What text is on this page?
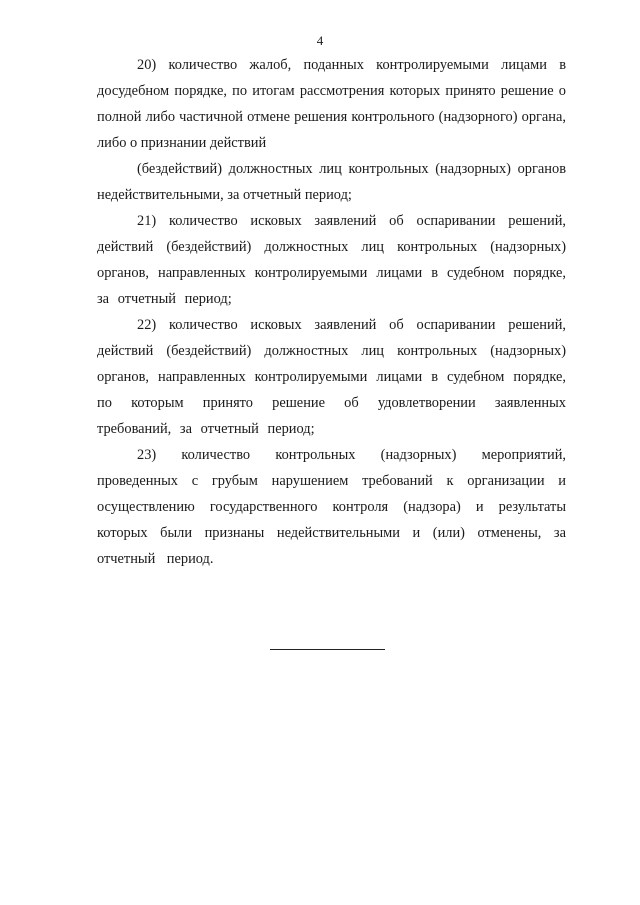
4

20) количество жалоб, поданных контролируемыми лицами в досудебном порядке, по итогам рассмотрения которых принято решение о полной либо частичной отмене решения контрольного (надзорного) органа, либо о признании действий

(бездействий) должностных лиц контрольных (надзорных) органов недействительными, за отчетный период;

21) количество исковых заявлений об оспаривании решений, действий (бездействий) должностных лиц контрольных (надзорных) органов, направленных контролируемыми лицами в судебном порядке, за отчетный период;

22) количество исковых заявлений об оспаривании решений, действий (бездействий) должностных лиц контрольных (надзорных) органов, направленных контролируемыми лицами в судебном порядке, по которым принято решение об удовлетворении заявленных требований, за отчетный период;

23) количество контрольных (надзорных) мероприятий, проведенных с грубым нарушением требований к организации и осуществлению государственного контроля (надзора) и результаты которых были признаны недействительными и (или) отменены, за отчетный период.
